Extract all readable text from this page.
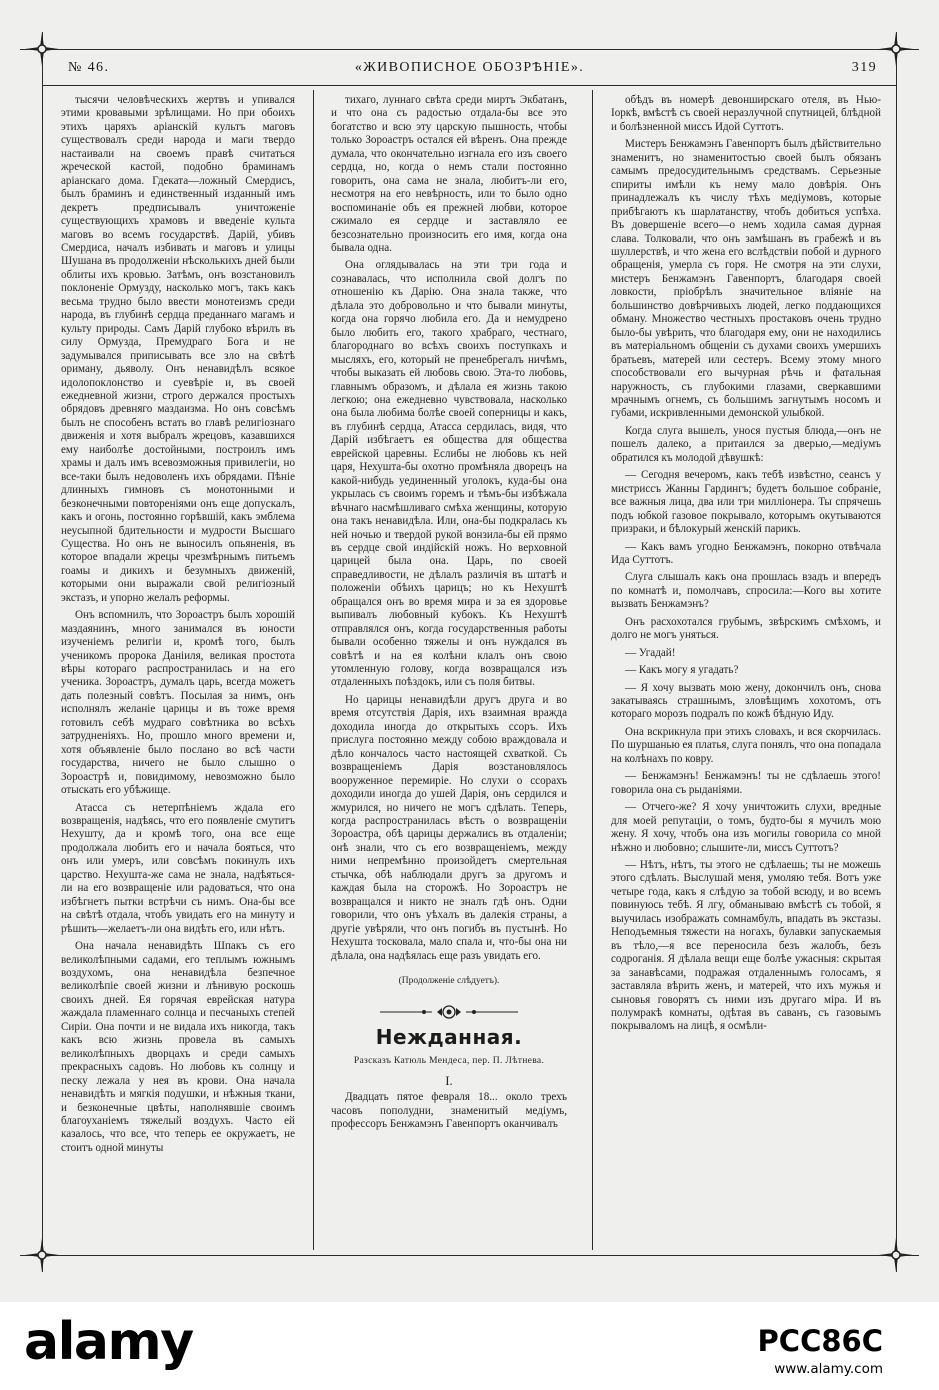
«ЖИВОПИСНОЕ ОБОЗРѢНІЕ».
№ 46.	319

тысячи человѣческихъ жертвъ и упивался этими кровавыми зрѣлищами. Но при обоихъ этихъ царяхъ аріанскій культъ маговъ существовалъ среди народа и маги твердо настаивали на своемъ правѣ считаться жреческой кастой, подобно браминамъ аріанскаго дома. Гдеката—ложный Смердисъ, былъ браминъ и единственный изданный имъ декретъ предписывалъ уничтоженіе существующихъ храмовъ и введеніе культа маговъ во всемъ государствѣ. Дарій, убивъ Смердиса, началъ избивать и маговъ и улицы Шушана въ продолженіи нѣсколькихъ дней были облиты ихъ кровью. Затѣмъ, онъ возстановилъ поклоненіе Ормузду, насколько могъ, такъ какъ весьма трудно было ввести монотеизмъ среди народа, въ глубинѣ сердца преданнаго магамъ и культу природы. Самъ Дарій глубоко вѣрилъ въ силу Ормузда, Премудраго Бога и не задумывался приписывать все зло на свѣтѣ ориману, дьяволу. Онъ ненавидѣлъ всякое идолопоклонство и суевѣріе и, въ своей ежедневной жизни, строго держался простыхъ обрядовъ древняго маздаизма. Но онъ совсѣмъ былъ не способенъ встать во главѣ религіознаго движенія и хотя выбралъ жрецовъ, казавшихся ему наиболѣе достойными, построилъ имъ храмы и далъ имъ всевозможныя привилегіи, но все-таки былъ недоволенъ ихъ обрядами. Пѣніе длинныхъ гимновъ съ монотонными и безконечными повтореніями онъ еще допускалъ, какъ и огонь, постоянно горѣвшій, какъ эмблема неусыпной бдительности и мудрости Высшаго Существа. Но онъ не выносилъ опьяненія, въ которое впадали жрецы чрезмѣрнымъ питьемъ гоамы и дикихъ и безумныхъ движеній, которыми они выражали свой религіозный экстазъ, и упорно желалъ реформы.

Онъ вспомнилъ, что Зороастръ былъ хорошій маздаянинъ, много занимался въ юности изученіемъ религіи и, кромѣ того, былъ ученикомъ пророка Даніиля, великая простота вѣры котораго распространилась и на его ученика. Зороастръ, думалъ царь, всегда можетъ дать полезный совѣтъ. Посылая за нимъ, онъ исполнялъ желаніе царицы и въ тоже время готовилъ себѣ мудраго совѣтника во всѣхъ затрудненіяхъ. Но, прошло много времени и, хотя объявленіе было послано во всѣ части государства, ничего не было слышно о Зороастрѣ и, повидимому, невозможно было отыскать его убѣжище.

Атасса съ нетерпѣніемъ ждала его возвращенія, надѣясь, что его появленіе смутитъ Нехушту, да и кромѣ того, она все еще продолжала любить его и начала бояться, что онъ или умеръ, или совсѣмъ покинулъ ихъ царство. Нехушта-же сама не знала, надѣяться-ли на его возвращеніе или радоваться, что она избѣгнетъ пытки встрѣчи съ нимъ. Она-бы все на свѣтѣ отдала, чтобъ увидать его на минуту и рѣшить—желаетъ-ли она видѣть его, или нѣтъ.

Она начала ненавидѣть Шпакъ съ его великолѣпными садами, его теплымъ южнымъ воздухомъ, она ненавидѣла безпечное великолѣпіе своей жизни и лѣнивую роскошь своихъ дней. Ея горячая еврейская натура жаждала пламеннаго солнца и песчаныхъ степей Сиріи. Она почти и не видала ихъ никогда, такъ какъ всю жизнь провела въ самыхъ великолѣпныхъ дворцахъ и среди самыхъ прекрасныхъ садовъ. Но любовь къ солнцу и песку лежала у нея въ крови. Она начала ненавидѣть и мягкія подушки, и нѣжныя ткани, и безконечные цвѣты, наполнявшіе своимъ благоуханіемъ тяжелый воздухъ. Часто ей казалось, что все, что теперь ее окружаетъ, не стоитъ одной минуты

тихаго, луннаго свѣта среди миртъ Экбатанъ, и что она съ радостью отдала-бы все это богатство и всю эту царскую пышность, чтобы только Зороастръ остался ей вѣренъ. Она прежде думала, что окончательно изгнала его изъ своего сердца, но, когда о немъ стали постоянно говорить, она сама не знала, любитъ-ли его, несмотря на его невѣрность, или то было одно воспоминаніе объ ея прежней любви, которое сжимало ея сердце и заставляло ее безсознательно произносить его имя, когда она бывала одна.

Она оглядывалась на эти три года и сознавалась, что исполнила свой долгъ по отношенію къ Дарію. Она знала также, что дѣлала это добровольно и что бывали минуты, когда она горячо любила его. Да и немудрено было любить его, такого храбраго, честнаго, благороднаго во всѣхъ своихъ поступкахъ и мысляхъ, его, который не пренебрегалъ ничѣмъ, чтобы выказать ей любовь свою. Эта-то любовь, главнымъ образомъ, и дѣлала ея жизнь такою легкою; она ежедневно чувствовала, насколько она была любима болѣе своей соперницы и какъ, въ глубинѣ сердца, Атасса сердилась, видя, что Дарій избѣгаетъ ея общества для общества еврейской царевны. Еслибы не любовь къ ней царя, Нехушта-бы охотно промѣняла дворецъ на какой-нибудь уединенный уголокъ, куда-бы она укрылась съ своимъ горемъ и тѣмъ-бы избѣжала вѣчнаго насмѣшливаго смѣха женщины, которую она такъ ненавидѣла. Или, она-бы подкралась къ ней ночью и твердой рукой вонзила-бы ей прямо въ сердце свой индійскій ножъ. Но верховной царицей была она. Царь, по своей справедливости, не дѣлалъ различія въ штатѣ и положеніи обѣихъ царицъ; но къ Нехуштѣ обращался онъ во время мира и за ея здоровье выпивалъ любовный кубокъ. Къ Нехуштѣ отправлялся онъ, когда государственныя работы бывали особенно тяжелы и онъ нуждался въ совѣтѣ и на ея колѣни клалъ онъ свою утомленную голову, когда возвращался изъ отдаленныхъ поѣздокъ, или съ поля битвы.

Но царицы ненавидѣли другъ друга и во время отсутствія Дарія, ихъ взаимная вражда доходила иногда до открытыхъ ссоръ. Ихъ прислуга постоянно между собою враждовала и дѣло кончалось часто настоящей схваткой. Съ возвращеніемъ Дарія возстановлялось вооруженное перемиріе. Но слухи о ссорахъ доходили иногда до ушей Дарія, онъ сердился и жмурился, но ничего не могъ сдѣлать. Теперь, когда распространилась вѣсть о возвращеніи Зороастра, обѣ царицы держались въ отдаленіи; онѣ знали, что съ его возвращеніемъ, между ними непремѣнно произойдетъ смертельная стычка, обѣ наблюдали другъ за другомъ и каждая была на сторожѣ. Но Зороастръ не возвращался и никто не зналъ гдѣ онъ. Одни говорили, что онъ уѣхалъ въ далекія страны, а другіе увѣряли, что онъ погибъ въ пустынѣ. Но Нехушта тосковала, мало спала и, что-бы она ни дѣлала, она надѣялась еще разъ увидать его.

(Продолженіе слѣдуетъ).

Нежданная.

Разсказъ Катюль Мендеса, пер. П. Лѣтнева.

I.

Двадцать пятое февраля 18... около трехъ часовъ пополудни, знаменитый медіумъ, профессоръ Бенжамэнъ Гавенпортъ оканчивалъ

обѣдъ въ номерѣ девонширскаго отеля, въ Нью-Іоркѣ, вмѣстѣ съ своей неразлучной спутницей, блѣдной и болѣзненной миссъ Идой Суттотъ.

Мистеръ Бенжамэнъ Гавенпортъ былъ дѣйствительно знаменитъ, но знаменитостью своей былъ обязанъ самымъ предосудительнымъ средствамъ. Серьезные спириты имѣли къ нему мало довѣрія. Онъ принадлежалъ къ числу тѣхъ медіумовъ, которые прибѣгаютъ къ шарлатанству, чтобъ добиться успѣха. Въ довершеніе всего—о немъ ходила самая дурная слава. Толковали, что онъ замѣшанъ въ грабежѣ и въ шуллерствѣ, и что жена его вслѣдствіи побой и дурного обращенія, умерла съ горя. Не смотря на эти слухи, мистеръ Бенжамэнъ Гавенпортъ, благодаря своей ловкости, пріобрѣлъ значительное вліяніе на большинство довѣрчивыхъ людей, легко поддающихся обману. Множество честныхъ простаковъ очень трудно было-бы увѣрить, что благодаря ему, они не находились въ матеріальномъ общеніи съ духами своихъ умершихъ братьевъ, матерей или сестеръ. Всему этому много способствовали его вычурная рѣчь и фатальная наружность, съ глубокими глазами, сверкавшими мрачнымъ огнемъ, съ большимъ загнутымъ носомъ и губами, искривленными демонской улыбкой.

Когда слуга вышелъ, унося пустыя блюда,—онъ не пошелъ далеко, а притаился за дверью,—медіумъ обратился къ молодой дѣвушкѣ:

— Сегодня вечеромъ, какъ тебѣ извѣстно, сеансъ у мистриссъ Жанны Гардингъ; будетъ большое собраніе, все важныя лица, два или три милліонера. Ты спрячешь подъ юбкой газовое покрывало, которымъ окутываются призраки, и бѣлокурый женскій парикъ.

— Какъ вамъ угодно Бенжамэнъ, покорно отвѣчала Ида Суттотъ.

Слуга слышалъ какъ она прошлась взадъ и впередъ по комнатѣ и, помолчавъ, спросила:—Кого вы хотите вызвать Бенжамэнъ?

Онъ расхохотался грубымъ, звѣрскимъ смѣхомъ, и долго не могъ уняться.

— Угадай!

— Какъ могу я угадать?

— Я хочу вызвать мою жену, докончилъ онъ, снова закатываясь страшнымъ, зловѣщимъ хохотомъ, отъ котораго морозъ подралъ по кожѣ бѣдную Иду.

Она вскрикнула при этихъ словахъ, и вся скорчилась. По шуршанью ея платья, слуга понялъ, что она попадала на колѣнахъ по ковру.

— Бенжамэнъ! Бенжамэнъ! ты не сдѣлаешь этого! говорила она съ рыданіями.

— Отчего-же? Я хочу уничтожить слухи, вредные для моей репутаціи, о томъ, будто-бы я мучилъ мою жену. Я хочу, чтобъ она изъ могилы говорила со мной нѣжно и любовно; слышите-ли, миссъ Суттотъ?

— Нѣтъ, нѣтъ, ты этого не сдѣлаешь; ты не можешь этого сдѣлать. Выслушай меня, умоляю тебя. Вотъ уже четыре года, какъ я слѣдую за тобой всюду, и во всемъ повинуюсь тебѣ. Я лгу, обманываю вмѣстѣ съ тобой, я выучилась изображать сомнамбулъ, впадать въ экстазы. Неподъемныя тяжести на ногахъ, булавки запускаемыя въ тѣло,—я все переносила безъ жалобъ, безъ содроганія. Я дѣлала вещи еще болѣе ужасныя: скрытая за занавѣсами, подражая отдаленнымъ голосамъ, я заставляла вѣрить женъ, и матерей, что ихъ мужья и сыновья говорятъ съ ними изъ другаго міра. И въ полумракѣ комнаты, одѣтая въ саванъ, съ газовымъ покрываломъ на лицѣ, я осмѣли-

alamy	PCC86C
www.alamy.com
